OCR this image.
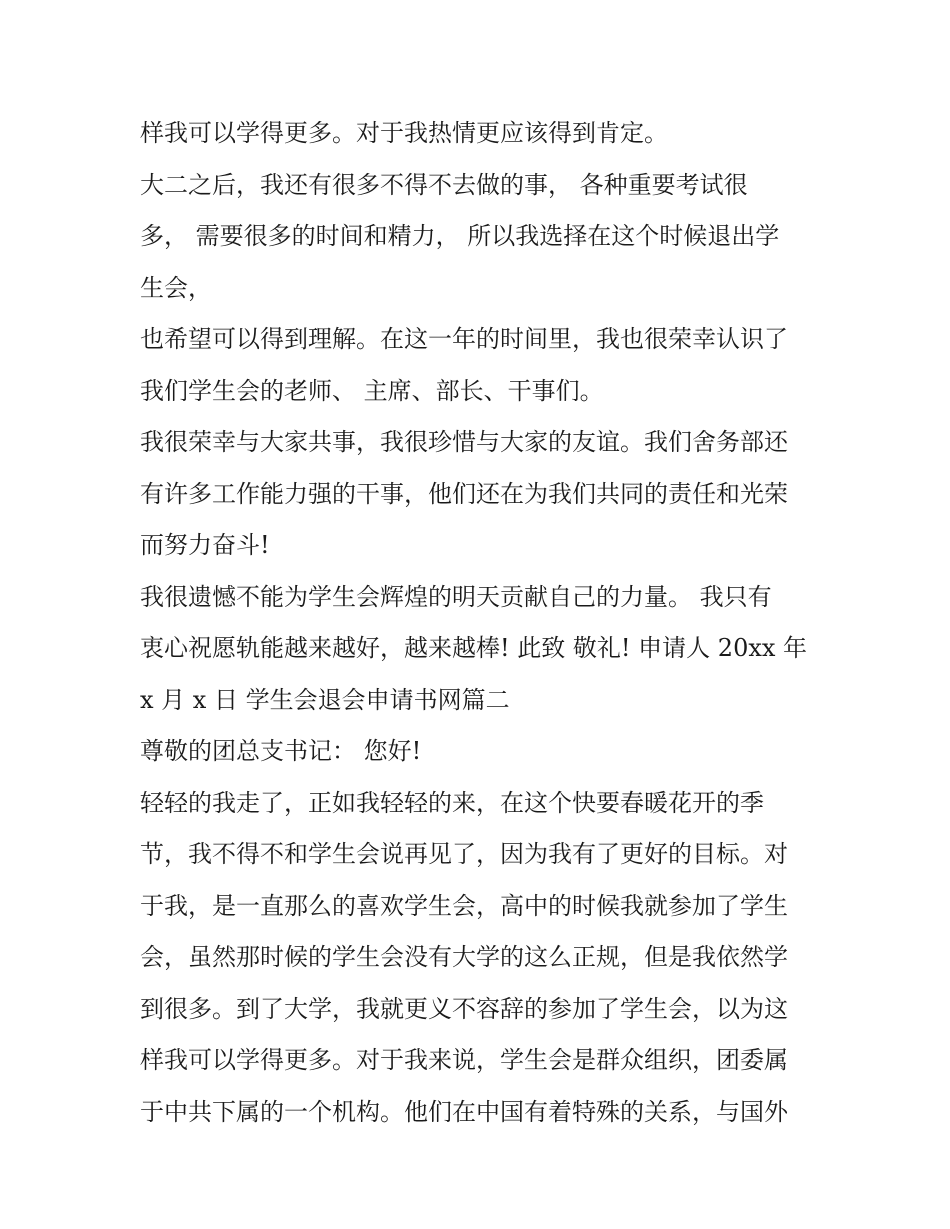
样我可以学得更多。对于我热情更应该得到肯定。

大二之后，我还有很多不得不去做的事， 各种重要考试很

多， 需要很多的时间和精力， 所以我选择在这个时候退出学

生会，

也希望可以得到理解。在这一年的时间里，我也很荣幸认识了

我们学生会的老师、 主席、部长、干事们。

我很荣幸与大家共事，我很珍惜与大家的友谊。我们舍务部还

有许多工作能力强的干事，他们还在为我们共同的责任和光荣

而努力奋斗!

我很遗憾不能为学生会辉煌的明天贡献自己的力量。 我只有

衷心祝愿轨能越来越好，越来越棒! 此致 敬礼! 申请人 20xx 年

x 月 x 日 学生会退会申请书网篇二

尊敬的团总支书记： 您好!

轻轻的我走了，正如我轻轻的来，在这个快要春暖花开的季

节，我不得不和学生会说再见了，因为我有了更好的目标。对

于我，是一直那么的喜欢学生会，高中的时候我就参加了学生

会，虽然那时候的学生会没有大学的这么正规，但是我依然学

到很多。到了大学，我就更义不容辞的参加了学生会，以为这

样我可以学得更多。对于我来说，学生会是群众组织，团委属

于中共下属的一个机构。他们在中国有着特殊的关系，与国外
